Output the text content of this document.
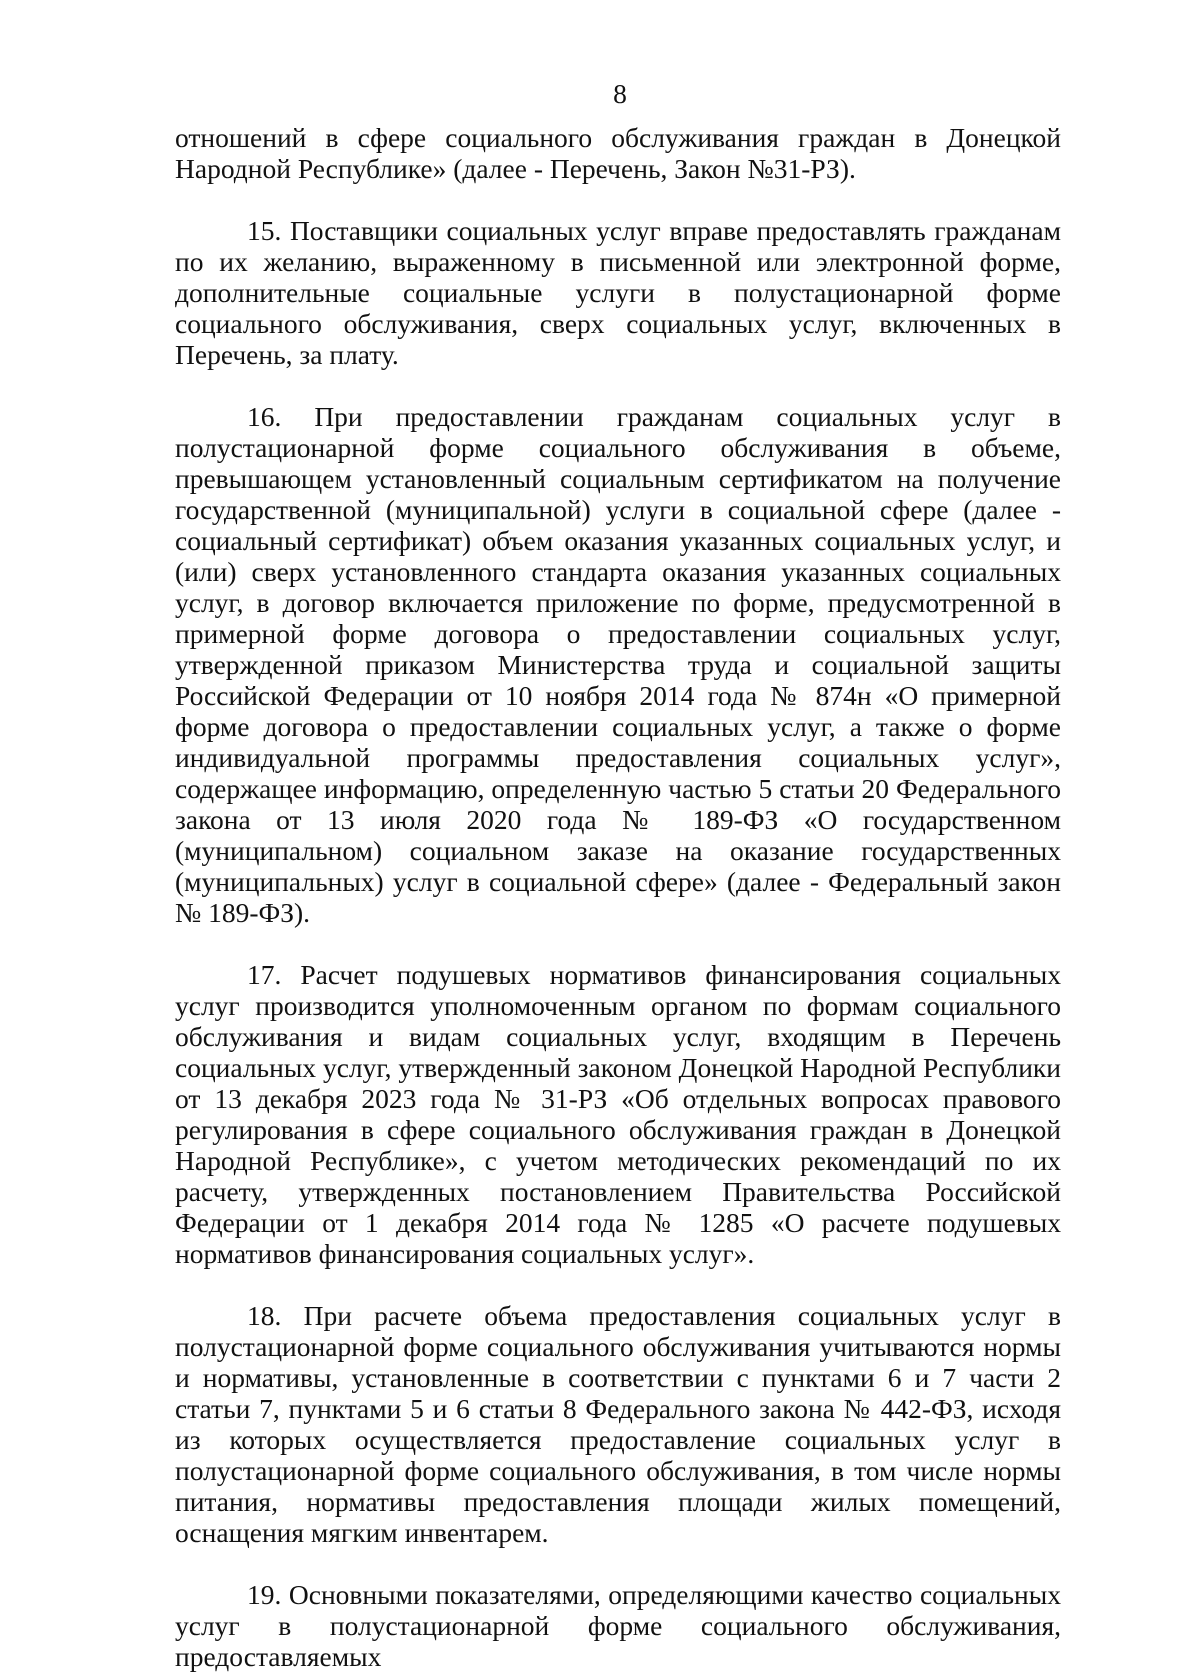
8

отношений в сфере социального обслуживания граждан в Донецкой Народной Республике» (далее - Перечень, Закон №31-РЗ).

15. Поставщики социальных услуг вправе предоставлять гражданам по их желанию, выраженному в письменной или электронной форме, дополнительные социальные услуги в полустационарной форме социального обслуживания, сверх социальных услуг, включенных в Перечень, за плату.

16. При предоставлении гражданам социальных услуг в полустационарной форме социального обслуживания в объеме, превышающем установленный социальным сертификатом на получение государственной (муниципальной) услуги в социальной сфере (далее - социальный сертификат) объем оказания указанных социальных услуг, и (или) сверх установленного стандарта оказания указанных социальных услуг, в договор включается приложение по форме, предусмотренной в примерной форме договора о предоставлении социальных услуг, утвержденной приказом Министерства труда и социальной защиты Российской Федерации от 10 ноября 2014 года № 874н «О примерной форме договора о предоставлении социальных услуг, а также о форме индивидуальной программы предоставления социальных услуг», содержащее информацию, определенную частью 5 статьи 20 Федерального закона от 13 июля 2020 года № 189-ФЗ «О государственном (муниципальном) социальном заказе на оказание государственных (муниципальных) услуг в социальной сфере» (далее - Федеральный закон № 189-ФЗ).

17. Расчет подушевых нормативов финансирования социальных услуг производится уполномоченным органом по формам социального обслуживания и видам социальных услуг, входящим в Перечень социальных услуг, утвержденный законом Донецкой Народной Республики от 13 декабря 2023 года № 31-РЗ «Об отдельных вопросах правового регулирования в сфере социального обслуживания граждан в Донецкой Народной Республике», с учетом методических рекомендаций по их расчету, утвержденных постановлением Правительства Российской Федерации от 1 декабря 2014 года № 1285 «О расчете подушевых нормативов финансирования социальных услуг».

18. При расчете объема предоставления социальных услуг в полустационарной форме социального обслуживания учитываются нормы и нормативы, установленные в соответствии с пунктами 6 и 7 части 2 статьи 7, пунктами 5 и 6 статьи 8 Федерального закона № 442-ФЗ, исходя из которых осуществляется предоставление социальных услуг в полустационарной форме социального обслуживания, в том числе нормы питания, нормативы предоставления площади жилых помещений, оснащения мягким инвентарем.

19. Основными показателями, определяющими качество социальных услуг в полустационарной форме социального обслуживания, предоставляемых
